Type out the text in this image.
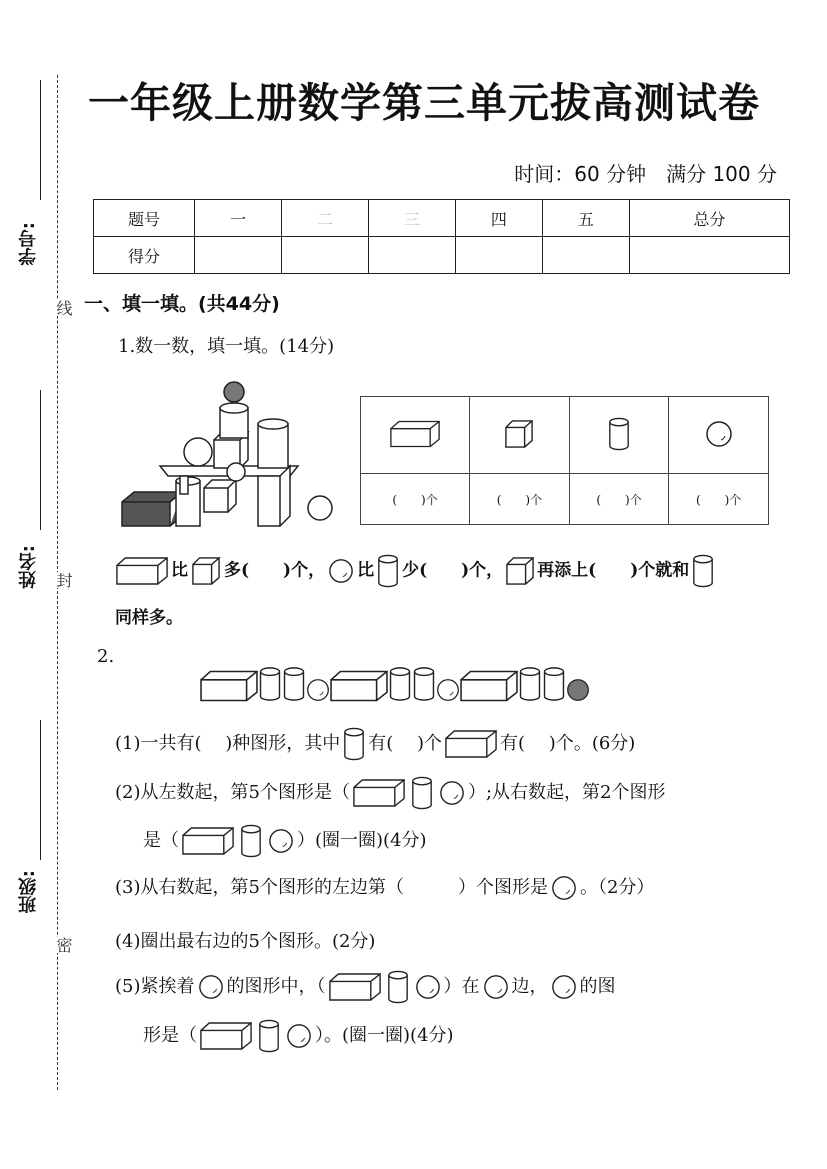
学号:
姓名:
班级:
线
封
密
一年级上册数学第三单元拔高测试卷
时间：60 分钟　满分 100 分
题号	一	二	三	四	五	总分
得分						
一、填一填。(共44分)
1.数一数，填一填。(14分)

(　　)个	(　　)个	(　　)个	(　　)个
比 多(　　)个， 比 少(　　)个， 再添上(　　)个就和
同样多。
2.
(1)一共有(　 )种图形，其中 有(　 )个	有(　 )个。(6分)
(2)从左数起，第5个图形是（	）;从右数起，第2个图形
是（	）(圈一圈)(4分)
(3)从右数起，第5个图形的左边第（　　　）个图形是 。（2分）
(4)圈出最右边的5个图形。(2分)
(5)紧挨着 的图形中，（	）在 边， 的图
形是（	）。(圈一圈)(4分)
